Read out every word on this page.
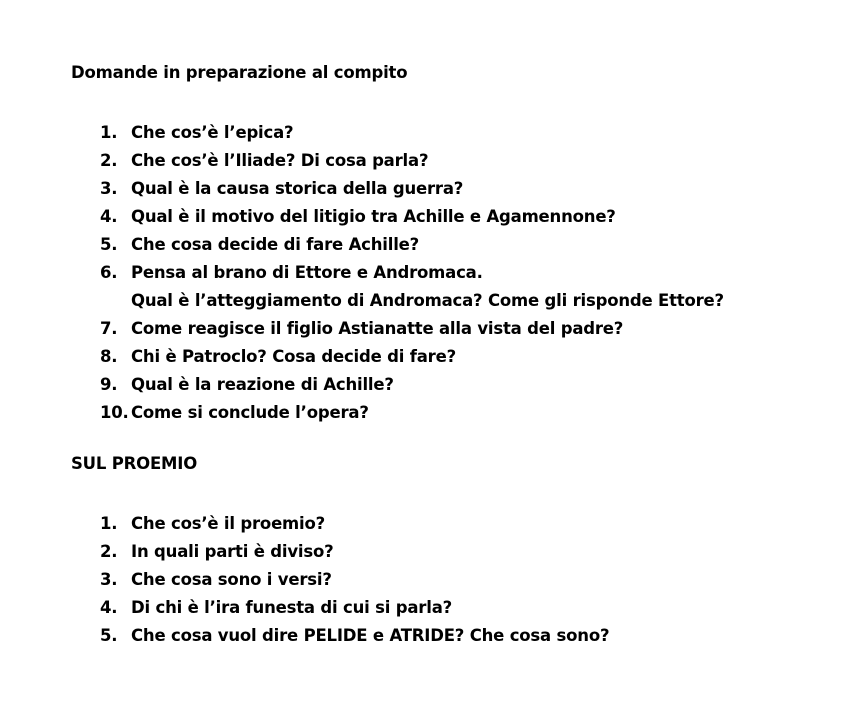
Domande in preparazione al compito
1. Che cos’è l’epica?
2. Che cos’è l’Iliade? Di cosa parla?
3. Qual è la causa storica della guerra?
4. Qual è il motivo del litigio tra Achille e Agamennone?
5. Che cosa decide di fare Achille?
6. Pensa al brano di Ettore e Andromaca.
Qual è l’atteggiamento di Andromaca? Come gli risponde Ettore?
7. Come reagisce il figlio Astianatte alla vista del padre?
8. Chi è Patroclo? Cosa decide di fare?
9. Qual è la reazione di Achille?
10. Come si conclude l’opera?
SUL PROEMIO
1. Che cos’è il proemio?
2. In quali parti è diviso?
3. Che cosa sono i versi?
4. Di chi è l’ira funesta di cui si parla?
5. Che cosa vuol dire PELIDE e ATRIDE? Che cosa sono?
